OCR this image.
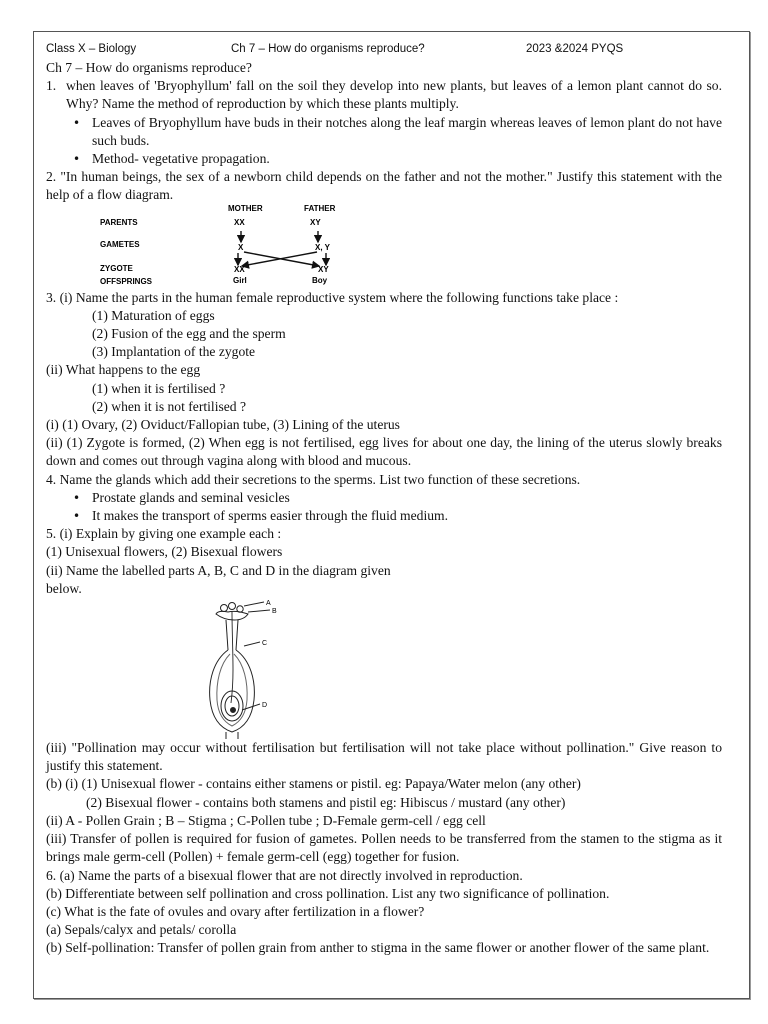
Class X – Biology	Ch 7 – How do organisms reproduce?	2023 &2024 PYQS

Ch 7 – How do organisms reproduce?

1. when leaves of 'Bryophyllum' fall on the soil they develop into new plants, but leaves of a lemon plant cannot do so. Why? Name the method of reproduction by which these plants multiply.

• Leaves of Bryophyllum have buds in their notches along the leaf margin whereas leaves of lemon plant do not have such buds.
• Method- vegetative propagation.

2. "In human beings, the sex of a newborn child depends on the father and not the mother." Justify this statement with the help of a flow diagram.

MOTHER	FATHER
PARENTS	XX	XY
GAMETES	X	X, Y
ZYGOTE	XX	XY
OFFSPRINGS	Girl	Boy

3. (i) Name the parts in the human female reproductive system where the following functions take place :

(1) Maturation of eggs

(2) Fusion of the egg and the sperm

(3) Implantation of the zygote

(ii) What happens to the egg

(1) when it is fertilised ?

(2) when it is not fertilised ?

(i) (1) Ovary, (2) Oviduct/Fallopian tube, (3) Lining of the uterus

(ii) (1) Zygote is formed, (2) When egg is not fertilised, egg lives for about one day, the lining of the uterus slowly breaks down and comes out through vagina along with blood and mucous.

4. Name the glands which add their secretions to the sperms. List two function of these secretions.

• Prostate glands and seminal vesicles
• It makes the transport of sperms easier through the fluid medium.

5. (i) Explain by giving one example each :

(1) Unisexual flowers, (2) Bisexual flowers

(ii) Name the labelled parts A, B, C and D in the diagram given

below.

A
B
C
D

(iii) "Pollination may occur without fertilisation but fertilisation will not take place without pollination." Give reason to justify this statement.

(b) (i) (1) Unisexual flower - contains either stamens or pistil. eg: Papaya/Water melon (any other)

(2) Bisexual flower - contains both stamens and pistil eg: Hibiscus / mustard (any other)

(ii) A - Pollen Grain ; B – Stigma ; C-Pollen tube ; D-Female germ-cell / egg cell

(iii) Transfer of pollen is required for fusion of gametes. Pollen needs to be transferred from the stamen to the stigma as it brings male germ-cell (Pollen) + female germ-cell (egg) together for fusion.

6. (a) Name the parts of a bisexual flower that are not directly involved in reproduction.

(b) Differentiate between self pollination and cross pollination. List any two significance of pollination.

(c) What is the fate of ovules and ovary after fertilization in a flower?

(a) Sepals/calyx and petals/ corolla

(b) Self-pollination: Transfer of pollen grain from anther to stigma in the same flower or another flower of the same plant.
